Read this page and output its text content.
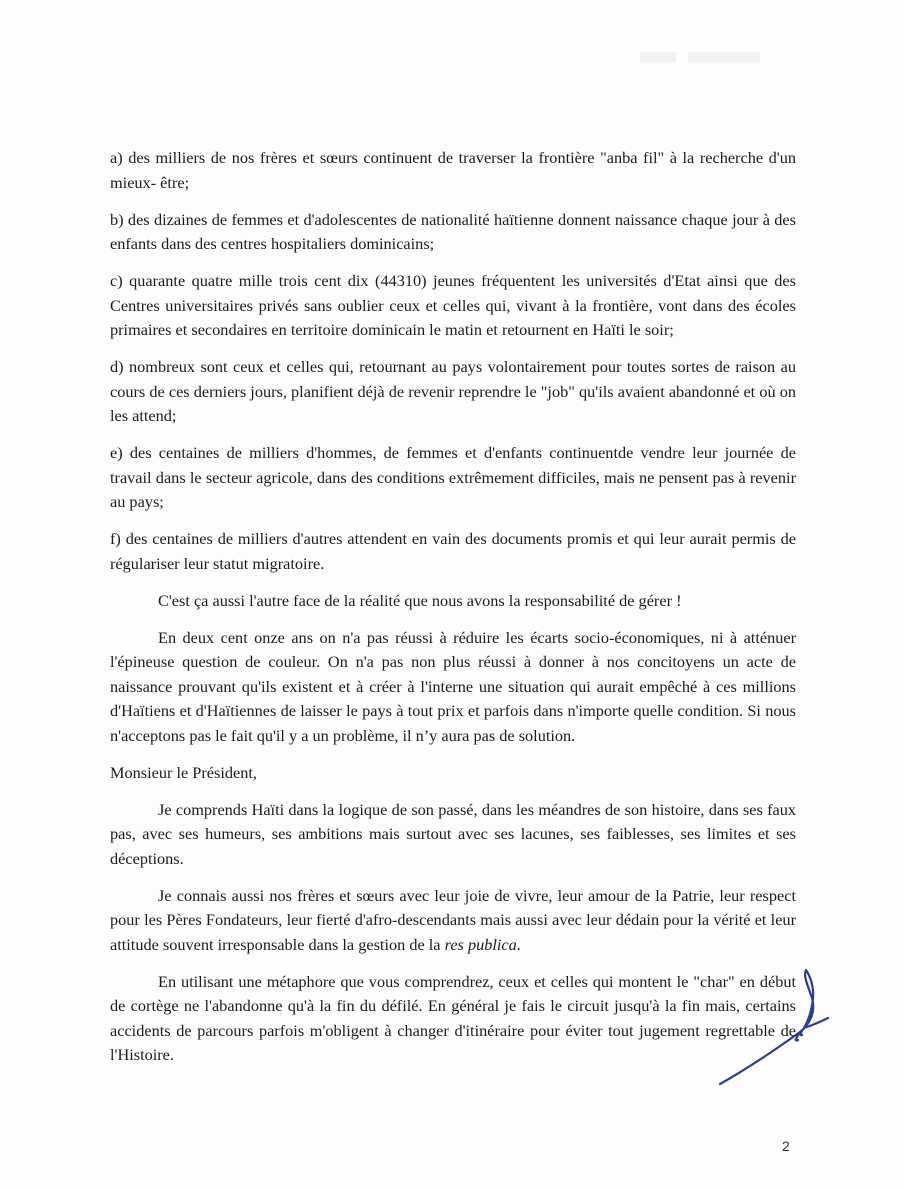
a) des milliers de nos frères et sœurs continuent de traverser la frontière "anba fil" à la recherche d'un mieux- être;

b) des dizaines de femmes et d'adolescentes de nationalité haïtienne donnent naissance chaque jour à des enfants dans des centres hospitaliers dominicains;

c) quarante quatre mille trois cent dix (44310) jeunes fréquentent les universités d'Etat ainsi que des Centres universitaires privés sans oublier ceux et celles qui, vivant à la frontière, vont dans des écoles primaires et secondaires en territoire dominicain le matin et retournent en Haïti le soir;

d) nombreux sont ceux et celles qui, retournant au pays volontairement pour toutes sortes de raison au cours de ces derniers jours, planifient déjà de revenir reprendre le "job" qu'ils avaient abandonné et où on les attend;

e) des centaines de milliers d'hommes, de femmes et d'enfants continuentde vendre leur journée de travail dans le secteur agricole, dans des conditions extrêmement difficiles, mais ne pensent pas à revenir au pays;

f) des centaines de milliers d'autres attendent en vain des documents promis et qui leur aurait permis de régulariser leur statut migratoire.

C'est ça aussi l'autre face de la réalité que nous avons la responsabilité de gérer !

En deux cent onze ans on n'a pas réussi à réduire les écarts socio-économiques, ni à atténuer l'épineuse question de couleur. On n'a pas non plus réussi à donner à nos concitoyens un acte de naissance prouvant qu'ils existent et à créer à l'interne une situation qui aurait empêché à ces millions d'Haïtiens et d'Haïtiennes de laisser le pays à tout prix et parfois dans n'importe quelle condition. Si nous n'acceptons pas le fait qu'il y a un problème, il n’y aura pas de solution.

Monsieur le Président,

Je comprends Haïti dans la logique de son passé, dans les méandres de son histoire, dans ses faux pas, avec ses humeurs, ses ambitions mais surtout avec ses lacunes, ses faiblesses, ses limites et ses déceptions.

Je connais aussi nos frères et sœurs avec leur joie de vivre, leur amour de la Patrie, leur respect pour les Pères Fondateurs, leur fierté d'afro-descendants mais aussi avec leur dédain pour la vérité et leur attitude souvent irresponsable dans la gestion de la res publica.

En utilisant une métaphore que vous comprendrez, ceux et celles qui montent le "char" en début de cortège ne l'abandonne qu'à la fin du défilé. En général je fais le circuit jusqu'à la fin mais, certains accidents de parcours parfois m'obligent à changer d'itinéraire pour éviter tout jugement regrettable de l'Histoire.

2
